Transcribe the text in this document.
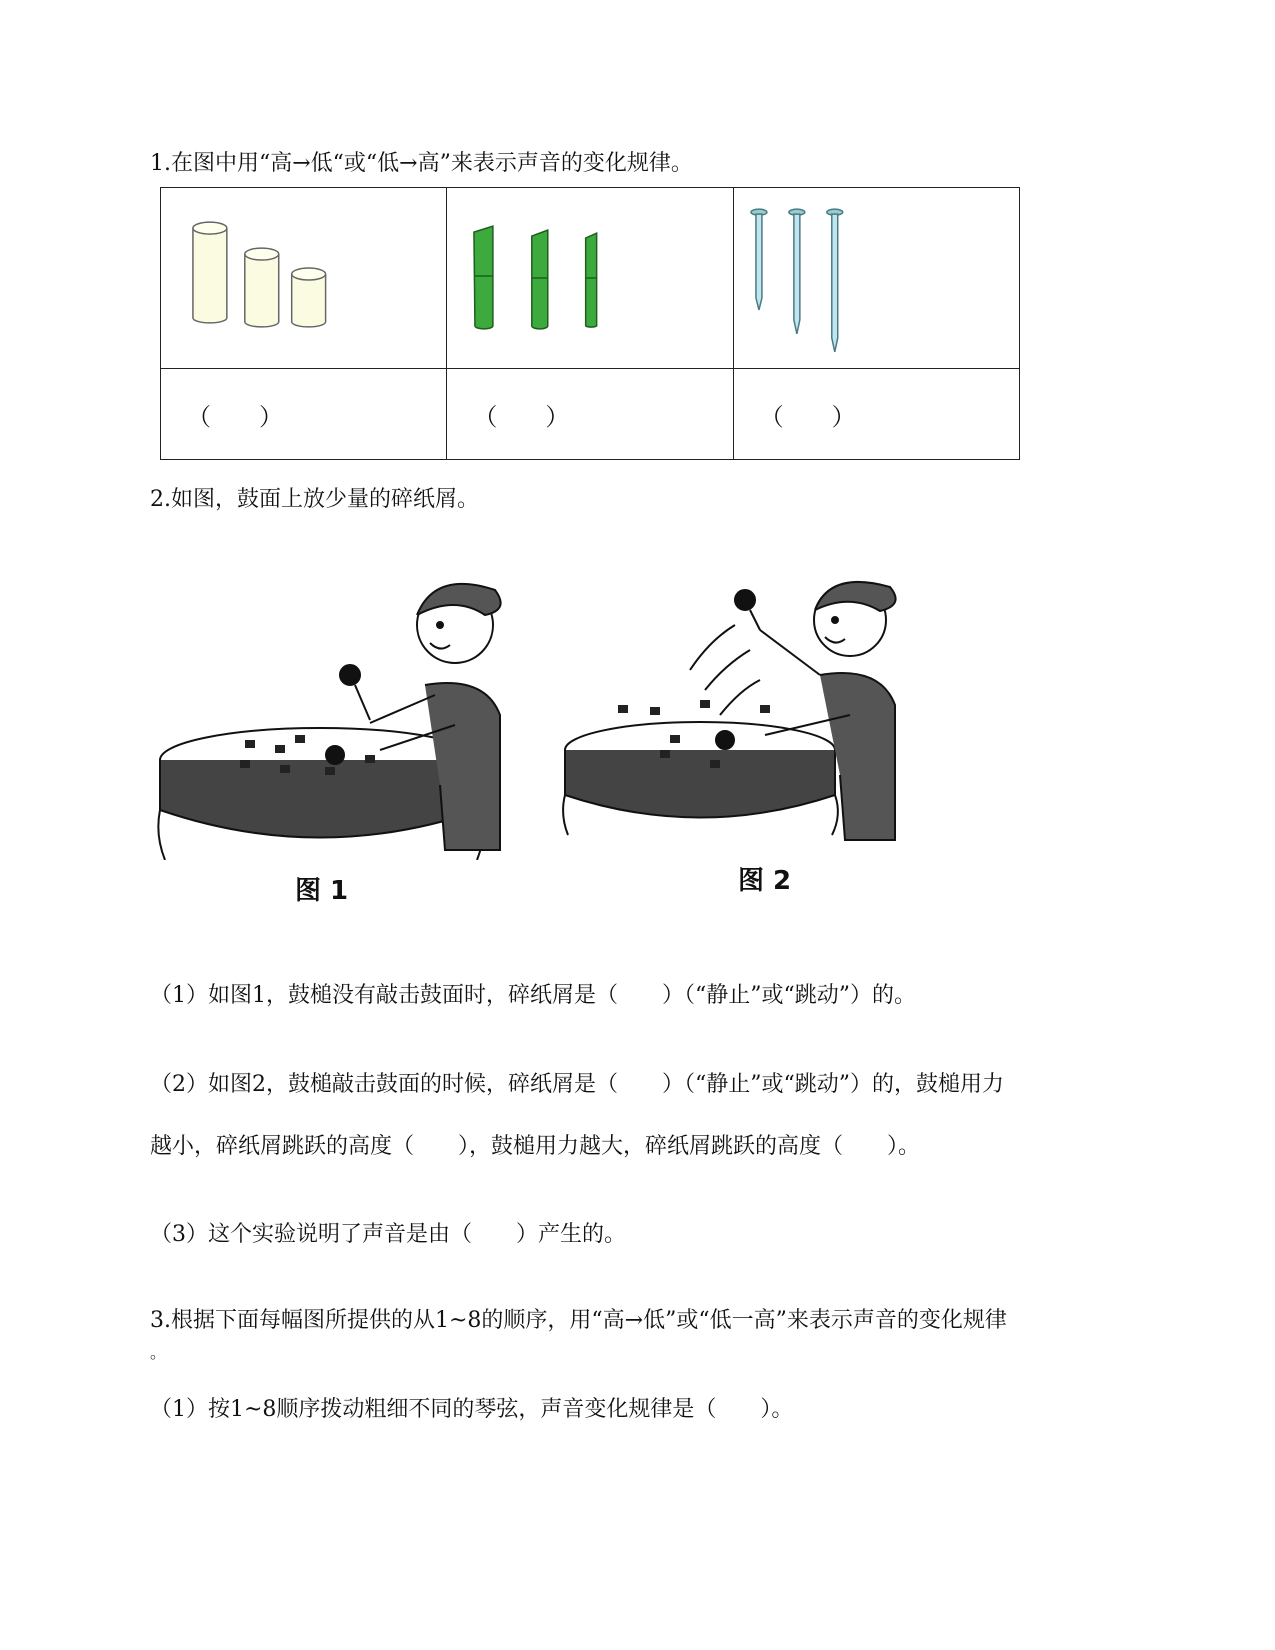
1.在图中用“高→低“或“低→高”来表示声音的变化规律。

（　　）	（　　）	（　　）
2.如图，鼓面上放少量的碎纸屑。
图 1	图 2
（1）如图1，鼓槌没有敲击鼓面时，碎纸屑是（　　）（“静止”或“跳动”）的。
（2）如图2，鼓槌敲击鼓面的时候，碎纸屑是（　　）（“静止”或“跳动”）的，鼓槌用力
越小，碎纸屑跳跃的高度（　　），鼓槌用力越大，碎纸屑跳跃的高度（　　）。
（3）这个实验说明了声音是由（　　）产生的。
3.根据下面每幅图所提供的从1~8的顺序，用“高→低”或“低一高”来表示声音的变化规律
。
（1）按1~8顺序拨动粗细不同的琴弦，声音变化规律是（　　）。
